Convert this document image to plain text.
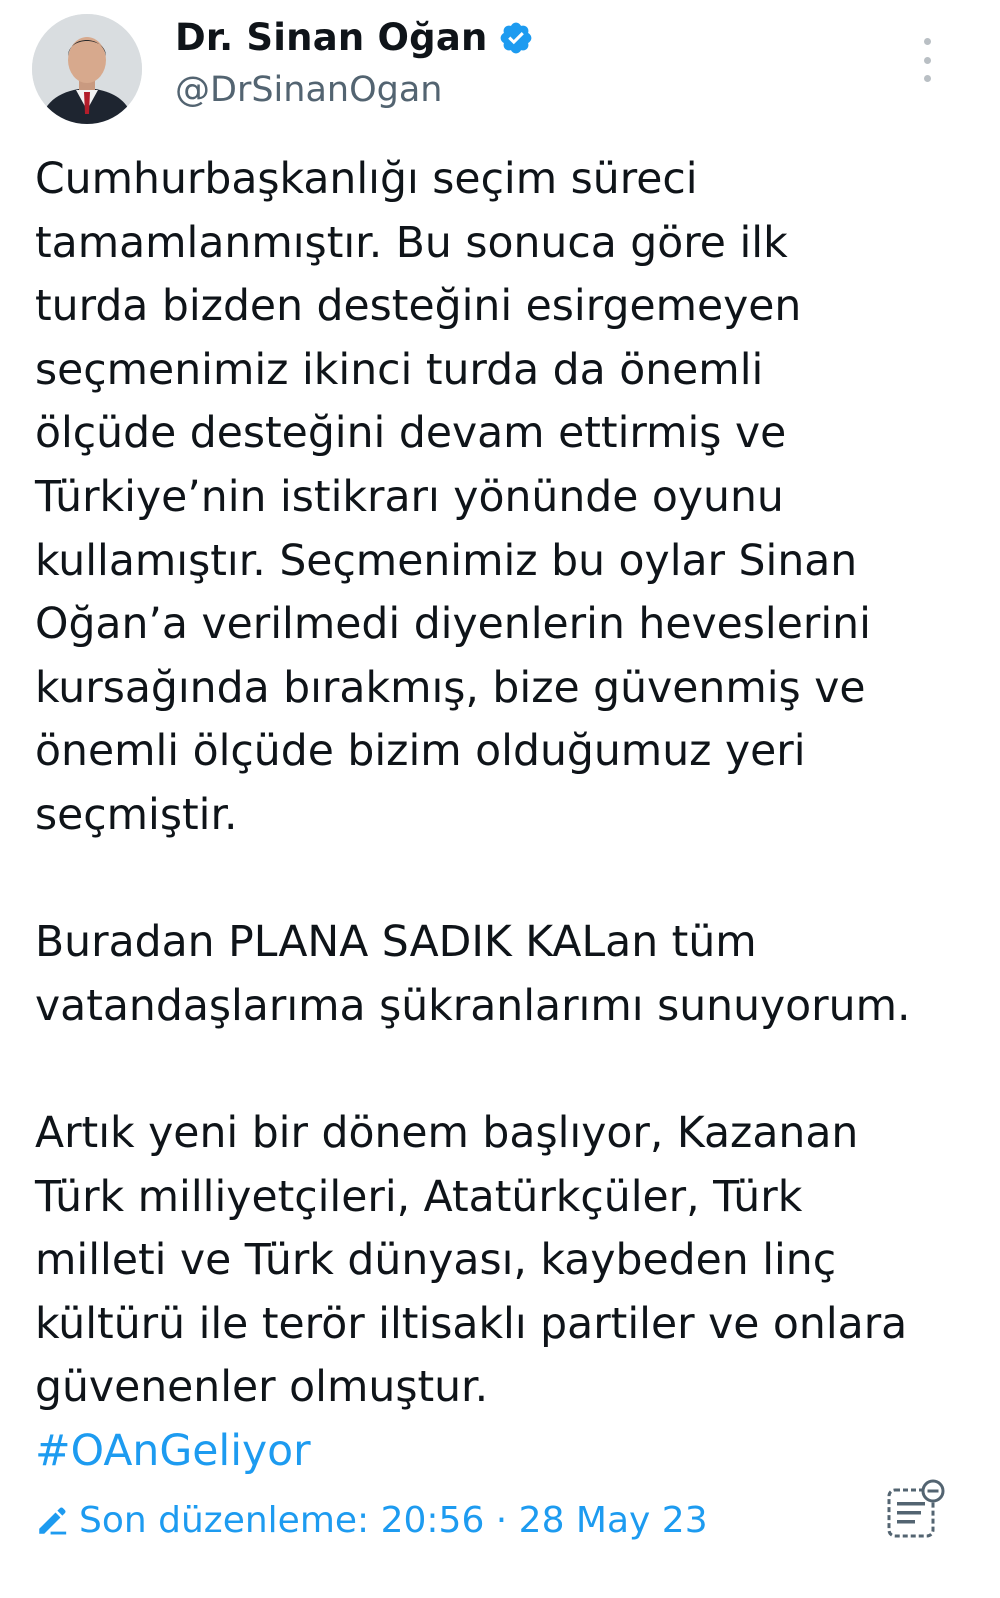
Dr. Sinan Oğan
@DrSinanOgan
Cumhurbaşkanlığı seçim süreci
tamamlanmıştır. Bu sonuca göre ilk
turda bizden desteğini esirgemeyen
seçmenimiz ikinci turda da önemli
ölçüde desteğini devam ettirmiş ve
Türkiye’nin istikrarı yönünde oyunu
kullamıştır. Seçmenimiz bu oylar Sinan
Oğan’a verilmedi diyenlerin heveslerini
kursağında bırakmış, bize güvenmiş ve
önemli ölçüde bizim olduğumuz yeri
seçmiştir.
Buradan PLANA SADIK KALan tüm
vatandaşlarıma şükranlarımı sunuyorum.
Artık yeni bir dönem başlıyor, Kazanan
Türk milliyetçileri, Atatürkçüler, Türk
milleti ve Türk dünyası, kaybeden linç
kültürü ile terör iltisaklı partiler ve onlara
güvenenler olmuştur.
#OAnGeliyor
Son düzenleme: 20:56 · 28 May 23
